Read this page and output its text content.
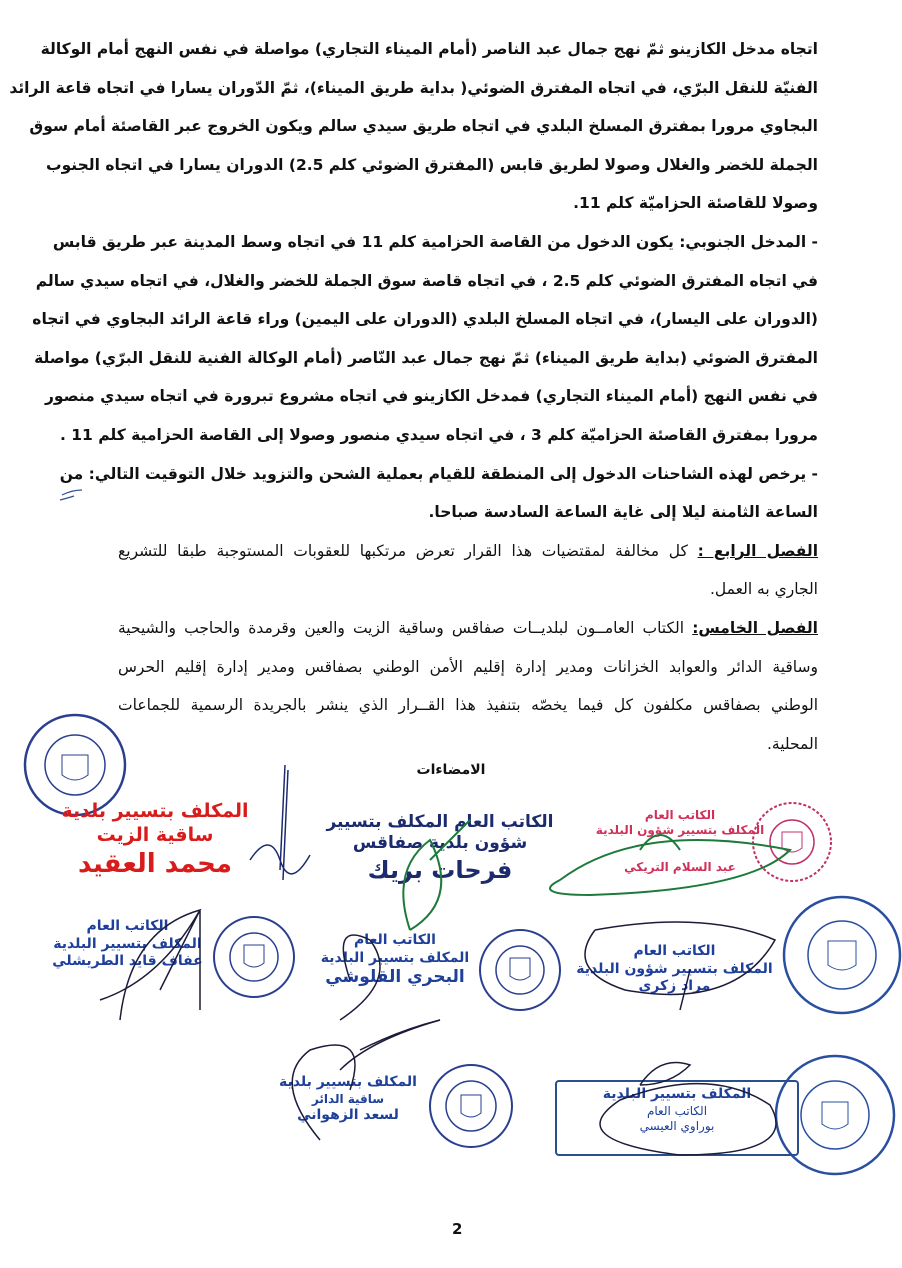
اتجاه مدخل الكازينو ثمّ نهج جمال عبد الناصر (أمام الميناء التجاري) مواصلة في نفس النهج أمام الوكالة
الفنيّة للنقل البرّي، في اتجاه المفترق الضوئي( بداية طريق الميناء)، ثمّ الدّوران يسارا في اتجاه قاعة الرائد
البجاوي مرورا بمفترق المسلخ البلدي في اتجاه طريق سيدي سالم ويكون الخروج عبر القاصئة أمام سوق
الجملة للخضر والغلال وصولا لطريق قابس (المفترق الضوئي كلم 2.5) الدوران يسارا في اتجاه الجنوب
وصولا للقاصئة الحزاميّة كلم 11.
- المدخل الجنوبي: يكون الدخول من القاصة الحزامية كلم 11 في اتجاه وسط المدينة عبر طريق قابس
في اتجاه المفترق الضوئي كلم 2.5 ، في اتجاه قاصة سوق الجملة للخضر والغلال، في اتجاه سيدي سالم
(الدوران على اليسار)، في اتجاه المسلخ البلدي (الدوران على اليمين) وراء قاعة الرائد البجاوي في اتجاه
المفترق الضوئي (بداية طريق الميناء) ثمّ نهج جمال عبد النّاصر (أمام الوكالة الفنية للنقل البرّي) مواصلة
في نفس النهج (أمام الميناء التجاري) فمدخل الكازينو في اتجاه مشروع تبرورة في اتجاه سيدي منصور
مرورا بمفترق القاصئة الحزاميّة كلم 3 ، في اتجاه سيدي منصور وصولا إلى القاصة الحزامية كلم 11 .
- يرخص لهذه الشاحنات الدخول إلى المنطقة للقيام بعملية الشحن والتزويد خلال التوقيت التالي: من
الساعة الثامنة ليلا إلى غاية الساعة السادسة صباحا.
الفصل الرابع : كل مخالفة لمقتضيات هذا القرار تعرض مرتكبها للعقوبات المستوجبة طبقا للتشريع
الجاري به العمل.
الفصل الخامس: الكتاب العامــون لبلديــات صفاقس وساقية الزيت والعين وقرمدة والحاجب والشيحية
وساقية الدائر والعوابد الخزانات ومدير إدارة إقليم الأمن الوطني بصفاقس ومدير إدارة إقليم الحرس
الوطني بصفاقس مكلفون كل فيما يخصّه بتنفيذ هذا القــرار الذي ينشر بالجريدة الرسمية للجماعات
المحلية.
الامضاءات
الكاتب العام
المكلف بتسيير شؤون البلدية
عبد السلام التريكي
الكاتب العام المكلف بتسيير
شؤون بلدية صفاقس
فرحات بريك
المكلف بتسيير بلدية
ساقية الزيت
محمد العقيد
الكاتب العام
المكلف بتسيير البلدية
عفاف قايد الطريشلي
الكاتب العام
المكلف بتسيير البلدية
البحري القلوشي
الكاتب العام
المكلف بتسيير شؤون البلدية
مراد زكري
المكلف بتسيير بلدية
ساقية الدائر
لسعد الزهواني
المكلف بتسيير البلدية
الكاتب العام
بوراوي العيسي
2
